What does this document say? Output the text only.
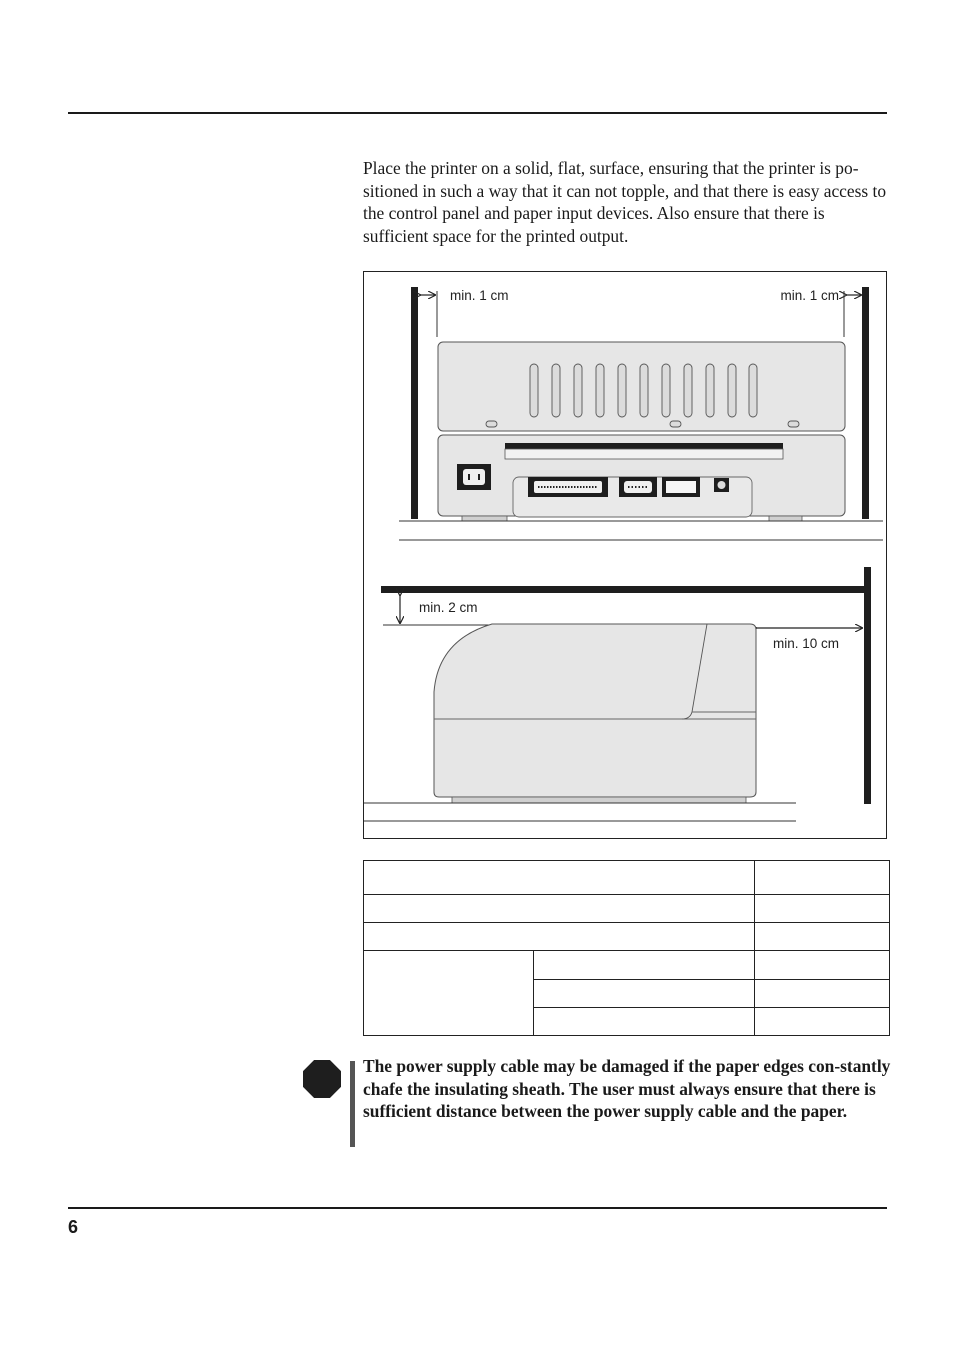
Place the printer on a solid, flat, surface, ensuring that the printer is po-sitioned in such a way that it can not topple, and that there is easy access to the control panel and paper input devices. Also ensure that there is sufficient space for the printed output.

min. 1 cm	min. 1 cm
min. 2 cm
min. 10 cm

The power supply cable may be damaged if the paper edges con-stantly chafe the insulating sheath. The user must always ensure that there is sufficient distance between the power supply cable and the paper.

6
